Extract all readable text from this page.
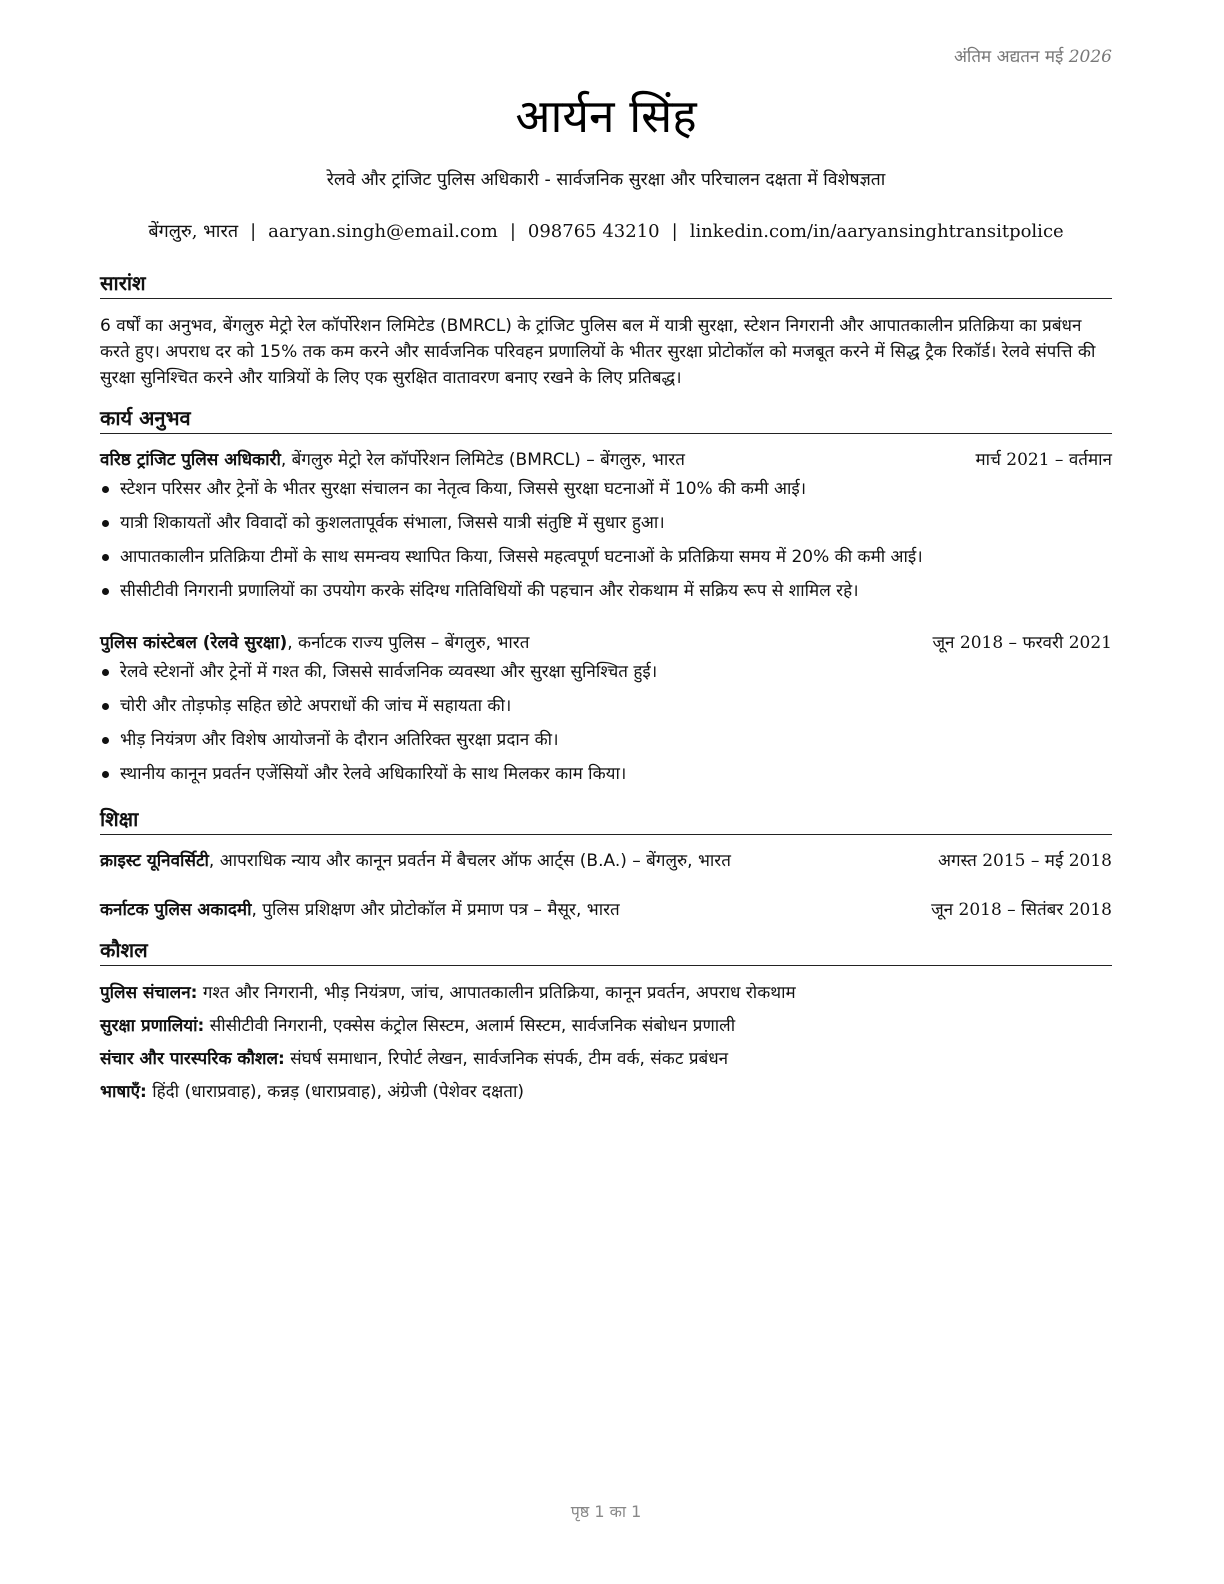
अंतिम अद्यतन मई 2026
आर्यन सिंह
रेलवे और ट्रांजिट पुलिस अधिकारी - सार्वजनिक सुरक्षा और परिचालन दक्षता में विशेषज्ञता
बेंगलुरु, भारत | aaryan.singh@email.com | 098765 43210 | linkedin.com/in/aaryansinghtransitpolice
सारांश
6 वर्षों का अनुभव, बेंगलुरु मेट्रो रेल कॉर्पोरेशन लिमिटेड (BMRCL) के ट्रांजिट पुलिस बल में यात्री सुरक्षा, स्टेशन निगरानी और आपातकालीन प्रतिक्रिया का प्रबंधन करते हुए। अपराध दर को 15% तक कम करने और सार्वजनिक परिवहन प्रणालियों के भीतर सुरक्षा प्रोटोकॉल को मजबूत करने में सिद्ध ट्रैक रिकॉर्ड। रेलवे संपत्ति की सुरक्षा सुनिश्चित करने और यात्रियों के लिए एक सुरक्षित वातावरण बनाए रखने के लिए प्रतिबद्ध।
कार्य अनुभव
वरिष्ठ ट्रांजिट पुलिस अधिकारी, बेंगलुरु मेट्रो रेल कॉर्पोरेशन लिमिटेड (BMRCL) – बेंगलुरु, भारत	मार्च 2021 – वर्तमान
स्टेशन परिसर और ट्रेनों के भीतर सुरक्षा संचालन का नेतृत्व किया, जिससे सुरक्षा घटनाओं में 10% की कमी आई।
यात्री शिकायतों और विवादों को कुशलतापूर्वक संभाला, जिससे यात्री संतुष्टि में सुधार हुआ।
आपातकालीन प्रतिक्रिया टीमों के साथ समन्वय स्थापित किया, जिससे महत्वपूर्ण घटनाओं के प्रतिक्रिया समय में 20% की कमी आई।
सीसीटीवी निगरानी प्रणालियों का उपयोग करके संदिग्ध गतिविधियों की पहचान और रोकथाम में सक्रिय रूप से शामिल रहे।
पुलिस कांस्टेबल (रेलवे सुरक्षा), कर्नाटक राज्य पुलिस – बेंगलुरु, भारत	जून 2018 – फरवरी 2021
रेलवे स्टेशनों और ट्रेनों में गश्त की, जिससे सार्वजनिक व्यवस्था और सुरक्षा सुनिश्चित हुई।
चोरी और तोड़फोड़ सहित छोटे अपराधों की जांच में सहायता की।
भीड़ नियंत्रण और विशेष आयोजनों के दौरान अतिरिक्त सुरक्षा प्रदान की।
स्थानीय कानून प्रवर्तन एजेंसियों और रेलवे अधिकारियों के साथ मिलकर काम किया।
शिक्षा
क्राइस्ट यूनिवर्सिटी, आपराधिक न्याय और कानून प्रवर्तन में बैचलर ऑफ आर्ट्स (B.A.) – बेंगलुरु, भारत	अगस्त 2015 – मई 2018
कर्नाटक पुलिस अकादमी, पुलिस प्रशिक्षण और प्रोटोकॉल में प्रमाण पत्र – मैसूर, भारत	जून 2018 – सितंबर 2018
कौशल
पुलिस संचालन: गश्त और निगरानी, भीड़ नियंत्रण, जांच, आपातकालीन प्रतिक्रिया, कानून प्रवर्तन, अपराध रोकथाम
सुरक्षा प्रणालियां: सीसीटीवी निगरानी, एक्सेस कंट्रोल सिस्टम, अलार्म सिस्टम, सार्वजनिक संबोधन प्रणाली
संचार और पारस्परिक कौशल: संघर्ष समाधान, रिपोर्ट लेखन, सार्वजनिक संपर्क, टीम वर्क, संकट प्रबंधन
भाषाएँ: हिंदी (धाराप्रवाह), कन्नड़ (धाराप्रवाह), अंग्रेजी (पेशेवर दक्षता)
पृष्ठ 1 का 1
